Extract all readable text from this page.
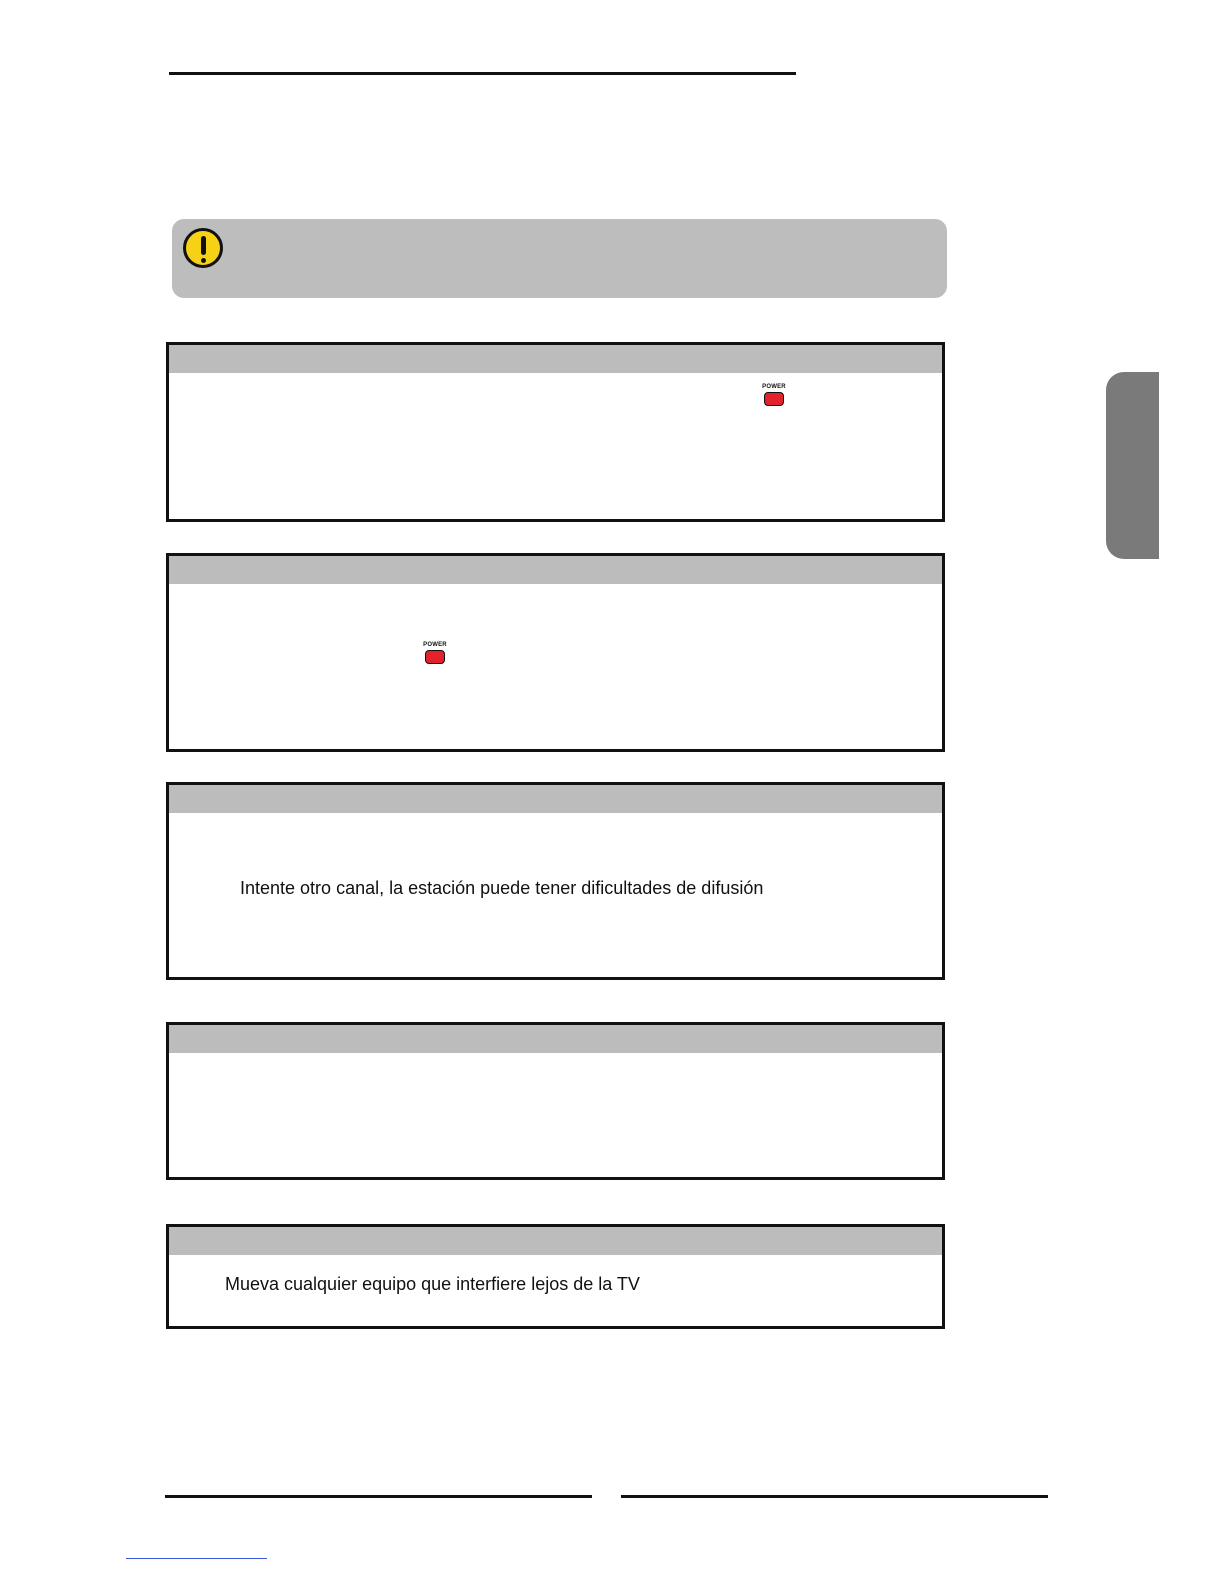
POWER
POWER
Intente otro canal, la estación puede tener dificultades de difusión
Mueva cualquier equipo que interfiere lejos de la TV
